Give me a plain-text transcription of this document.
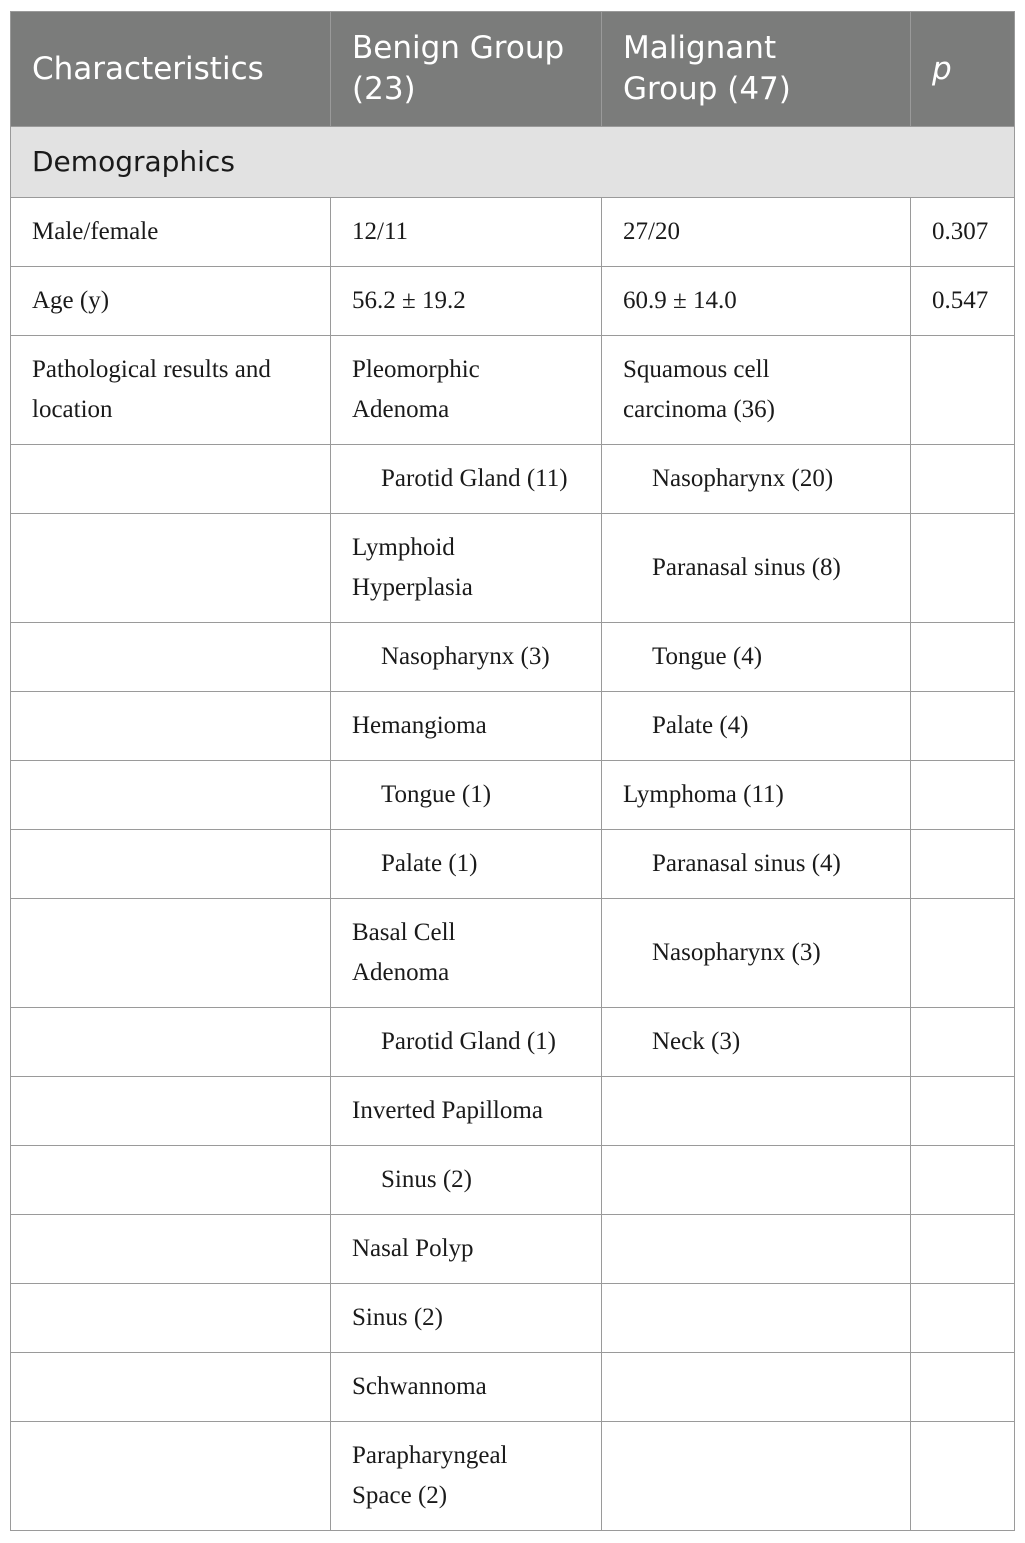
Characteristics	Benign Group (23)	Malignant Group (47)	p
Demographics			
Male/female	12/11	27/20	0.307
Age (y)	56.2 ± 19.2	60.9 ± 14.0	0.547

Pathological results and location	Pleomorphic Adenoma	Squamous cell carcinoma (36)	

	Parotid Gland (11)	Nasopharynx (20)	

	Lymphoid Hyperplasia	Paranasal sinus (8)	

	Nasopharynx (3)	Tongue (4)	

	Hemangioma	Palate (4)	

	Tongue (1)	Lymphoma (11)	

	Palate (1)	Paranasal sinus (4)	

	Basal Cell Adenoma	Nasopharynx (3)	

	Parotid Gland (1)	Neck (3)	

	Inverted Papilloma		

	Sinus (2)		

	Nasal Polyp		
	Sinus (2)		
	Schwannoma		

	Parapharyngeal Space (2)		
